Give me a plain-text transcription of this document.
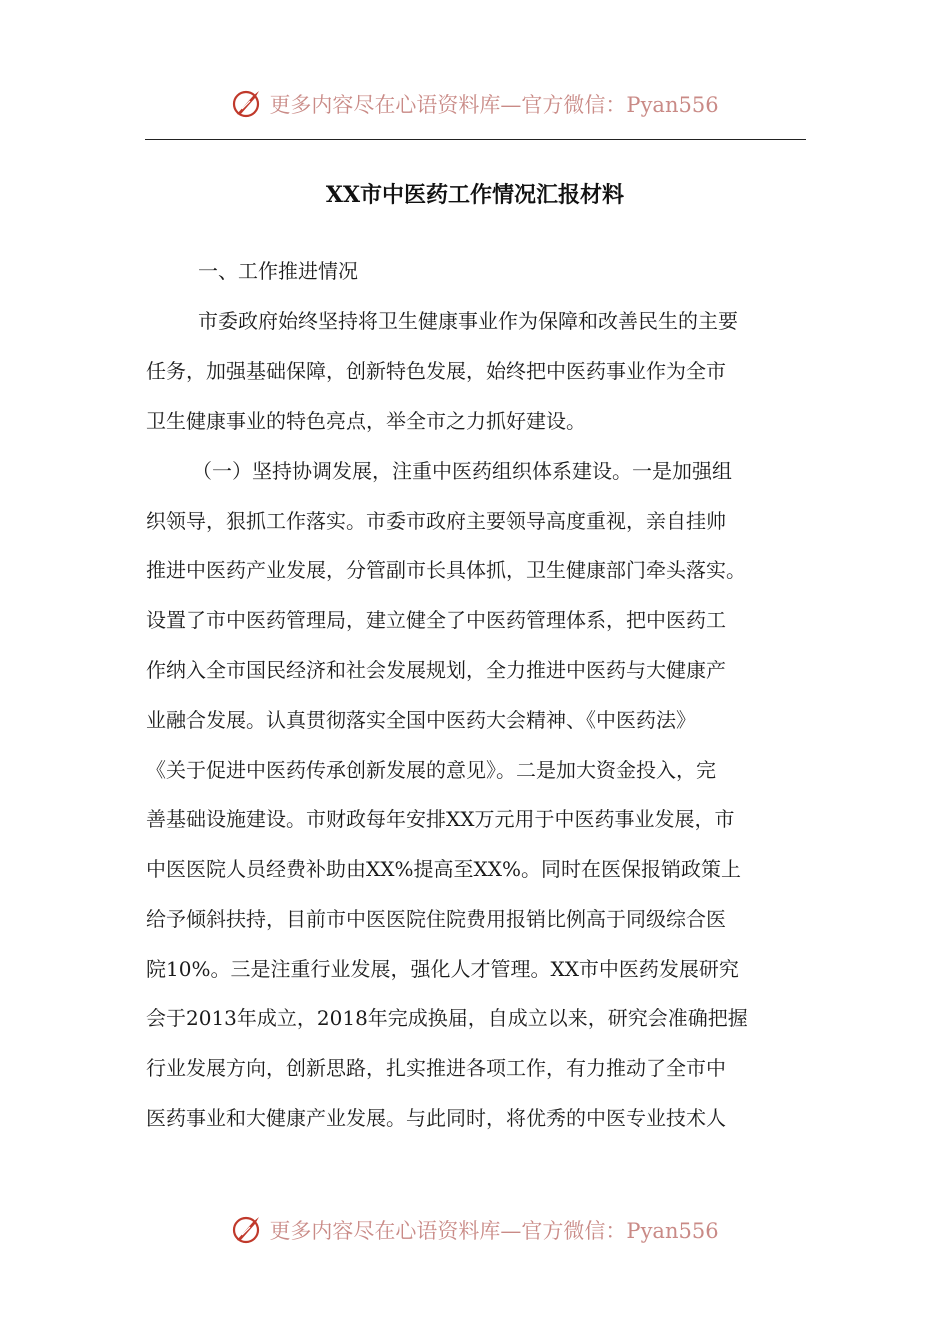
更多内容尽在心语资料库—官方微信：Pyan556
XX市中医药工作情况汇报材料
一、工作推进情况
市委政府始终坚持将卫生健康事业作为保障和改善民生的主要
任务，加强基础保障，创新特色发展，始终把中医药事业作为全市
卫生健康事业的特色亮点，举全市之力抓好建设。
（一）坚持协调发展，注重中医药组织体系建设。一是加强组
织领导，狠抓工作落实。市委市政府主要领导高度重视，亲自挂帅
推进中医药产业发展，分管副市长具体抓，卫生健康部门牵头落实。
设置了市中医药管理局，建立健全了中医药管理体系，把中医药工
作纳入全市国民经济和社会发展规划，全力推进中医药与大健康产
业融合发展。认真贯彻落实全国中医药大会精神、《中医药法》
《关于促进中医药传承创新发展的意见》。二是加大资金投入，完
善基础设施建设。市财政每年安排XX万元用于中医药事业发展，市
中医医院人员经费补助由XX%提高至XX%。同时在医保报销政策上
给予倾斜扶持，目前市中医医院住院费用报销比例高于同级综合医
院10%。三是注重行业发展，强化人才管理。XX市中医药发展研究
会于2013年成立，2018年完成换届，自成立以来，研究会准确把握
行业发展方向，创新思路，扎实推进各项工作，有力推动了全市中
医药事业和大健康产业发展。与此同时，将优秀的中医专业技术人
更多内容尽在心语资料库—官方微信：Pyan556
